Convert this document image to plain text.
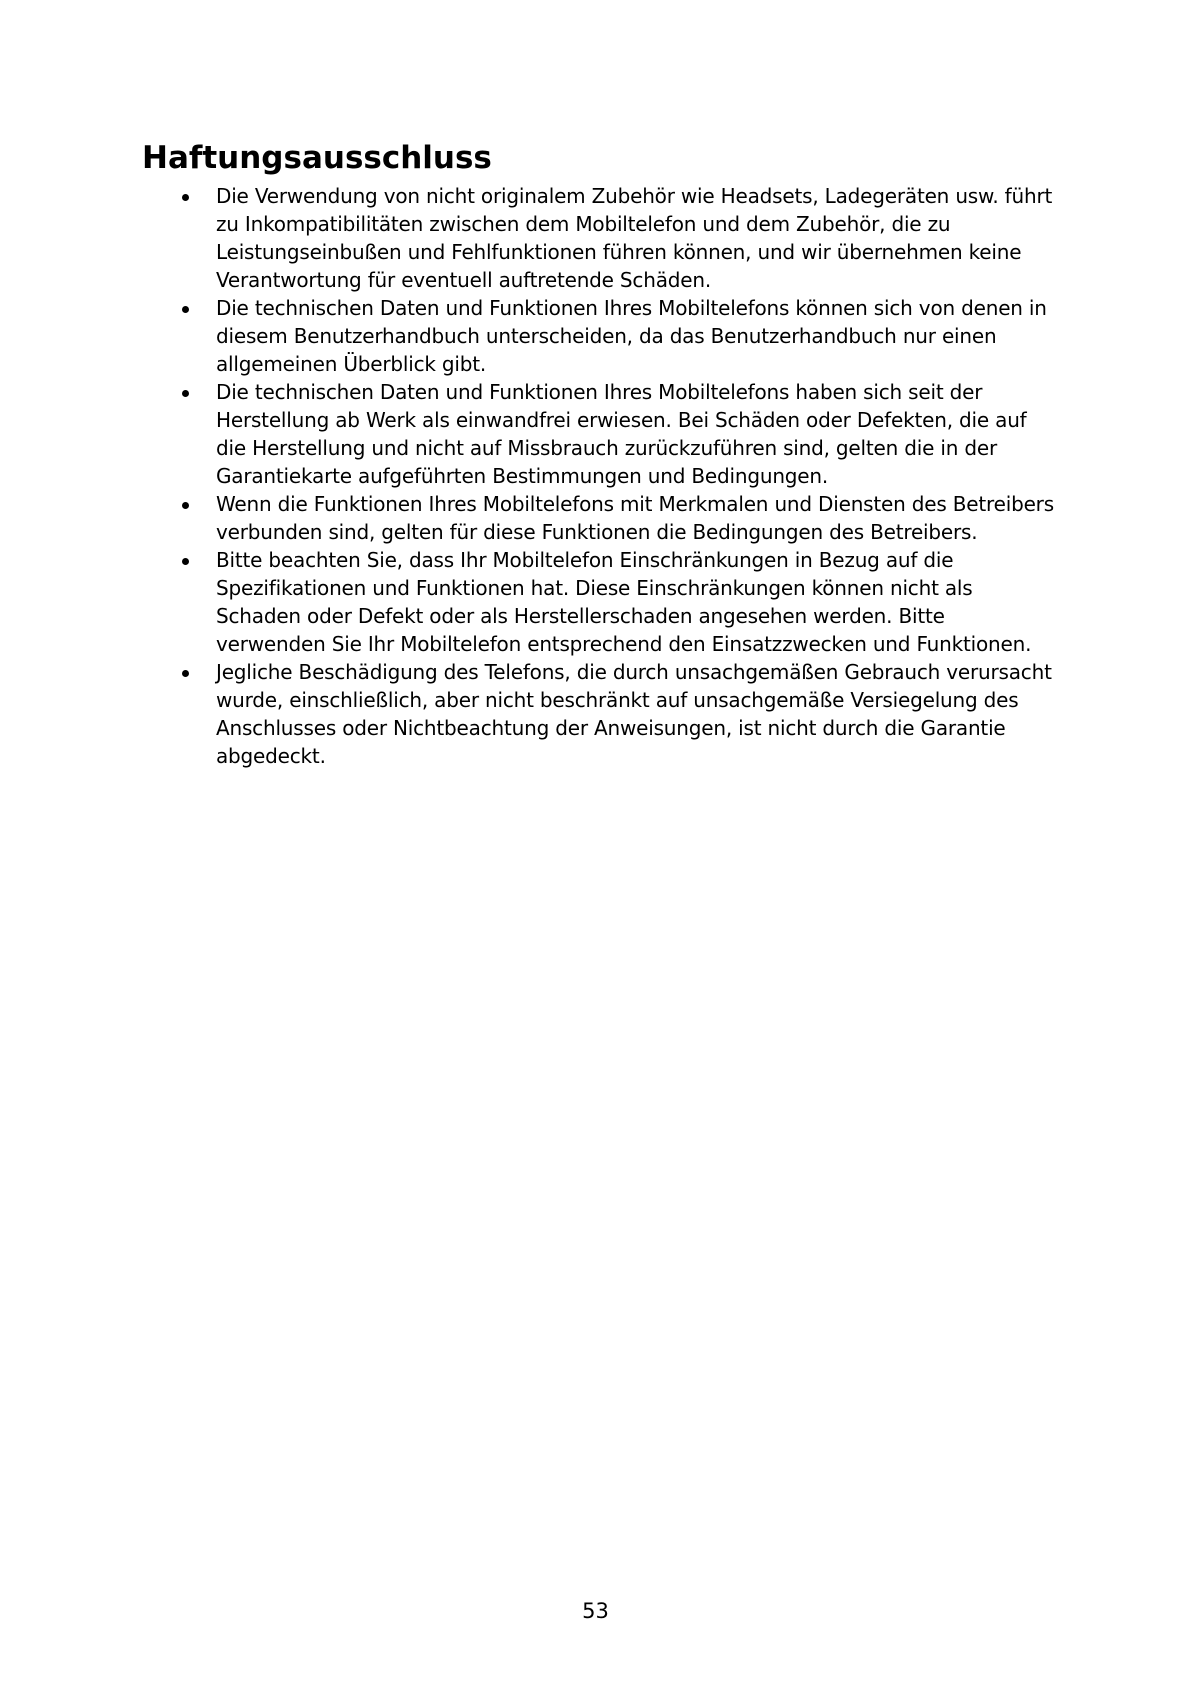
Haftungsausschluss
Die Verwendung von nicht originalem Zubehör wie Headsets, Ladegeräten usw. führt zu Inkompatibilitäten zwischen dem Mobiltelefon und dem Zubehör, die zu Leistungseinbußen und Fehlfunktionen führen können, und wir übernehmen keine Verantwortung für eventuell auftretende Schäden.
Die technischen Daten und Funktionen Ihres Mobiltelefons können sich von denen in diesem Benutzerhandbuch unterscheiden, da das Benutzerhandbuch nur einen allgemeinen Überblick gibt.
Die technischen Daten und Funktionen Ihres Mobiltelefons haben sich seit der Herstellung ab Werk als einwandfrei erwiesen. Bei Schäden oder Defekten, die auf die Herstellung und nicht auf Missbrauch zurückzuführen sind, gelten die in der Garantiekarte aufgeführten Bestimmungen und Bedingungen.
Wenn die Funktionen Ihres Mobiltelefons mit Merkmalen und Diensten des Betreibers verbunden sind, gelten für diese Funktionen die Bedingungen des Betreibers.
Bitte beachten Sie, dass Ihr Mobiltelefon Einschränkungen in Bezug auf die Spezifikationen und Funktionen hat. Diese Einschränkungen können nicht als Schaden oder Defekt oder als Herstellerschaden angesehen werden. Bitte verwenden Sie Ihr Mobiltelefon entsprechend den Einsatzzwecken und Funktionen.
Jegliche Beschädigung des Telefons, die durch unsachgemäßen Gebrauch verursacht wurde, einschließlich, aber nicht beschränkt auf unsachgemäße Versiegelung des Anschlusses oder Nichtbeachtung der Anweisungen, ist nicht durch die Garantie abgedeckt.
53
